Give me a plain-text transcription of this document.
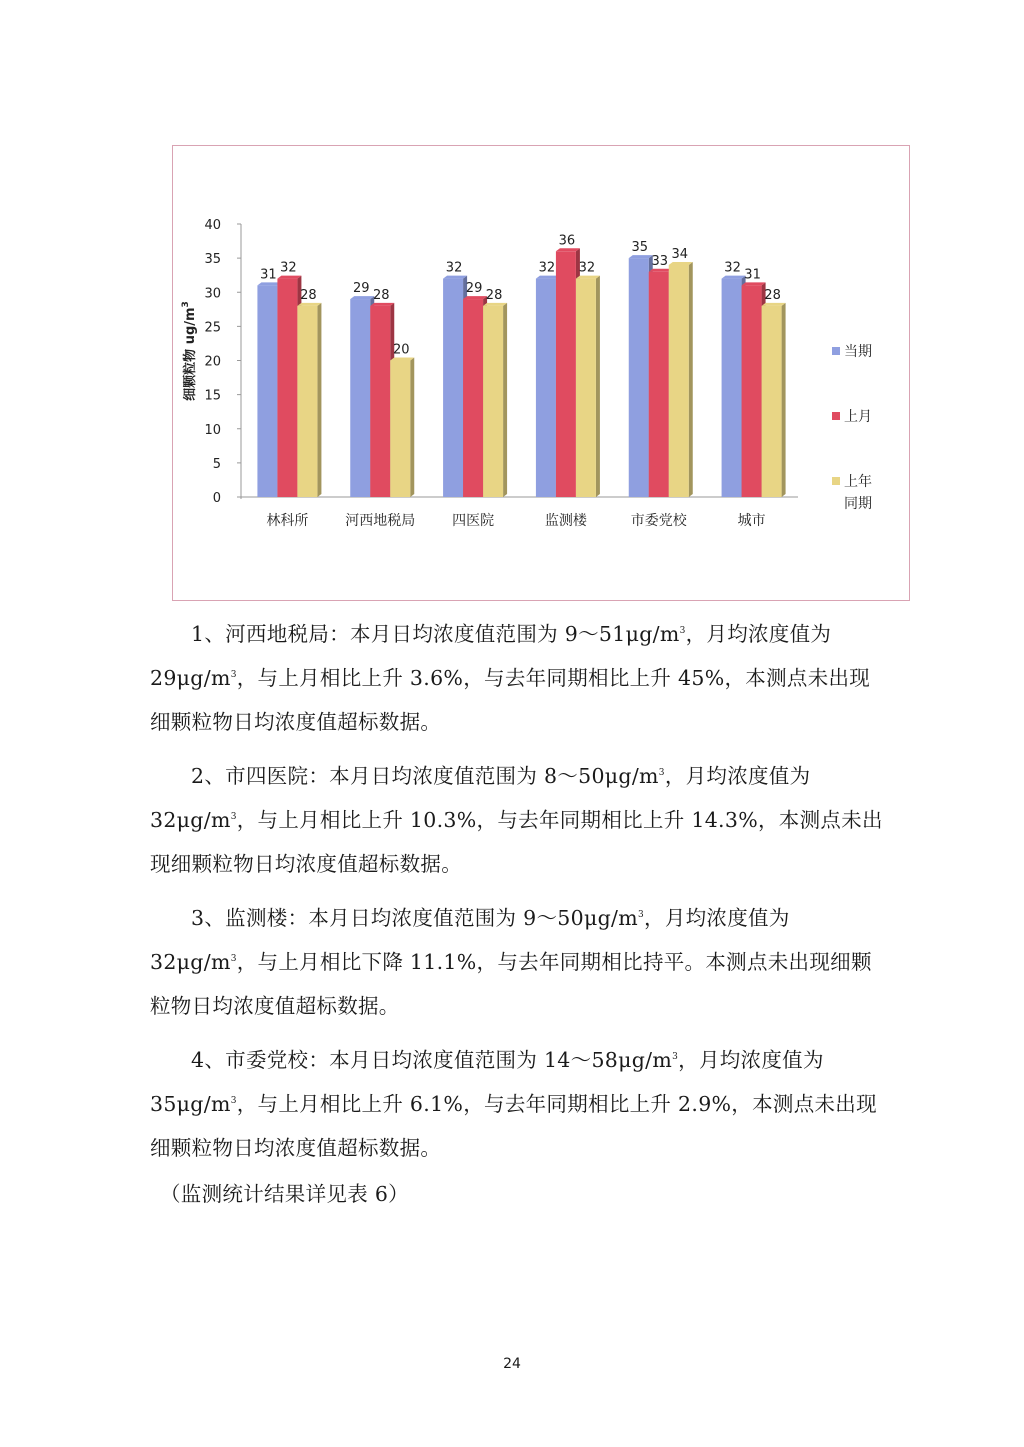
0
5
10
15
20
25
30
35
40
细颗粒物 $ug/m^3$
31 32
28
林科所
29 28
20
河西地税局
32
29 28
四医院
32
36
32
监测楼
35
33 34
市委党校
32 31
28
城市
当期
上月
上年
同期
1、河西地税局：本月日均浓度值范围为 $9\sim 51\mu g/m^3$，月均浓度值为 $29\mu g/m^3$，与上月相比上升 3.6%，与去年同期相比上升 45%，本测点未出现细颗粒物日均浓度值超标数据。
2、市四医院：本月日均浓度值范围为 $8\sim 50\mu g/m^3$，月均浓度值为 $32\mu g/m^3$，与上月相比上升 10.3%，与去年同期相比上升 14.3%，本测点未出现细颗粒物日均浓度值超标数据。
3、监测楼：本月日均浓度值范围为 $9\sim 50\mu g/m^3$，月均浓度值为 $32\mu g/m^3$，与上月相比下降 11.1%，与去年同期相比持平。本测点未出现细颗粒物日均浓度值超标数据。
4、市委党校：本月日均浓度值范围为 $14\sim 58\mu g/m^3$，月均浓度值为 $35\mu g/m^3$，与上月相比上升 6.1%，与去年同期相比上升 2.9%，本测点未出现细颗粒物日均浓度值超标数据。
（监测统计结果详见表 6）
24
